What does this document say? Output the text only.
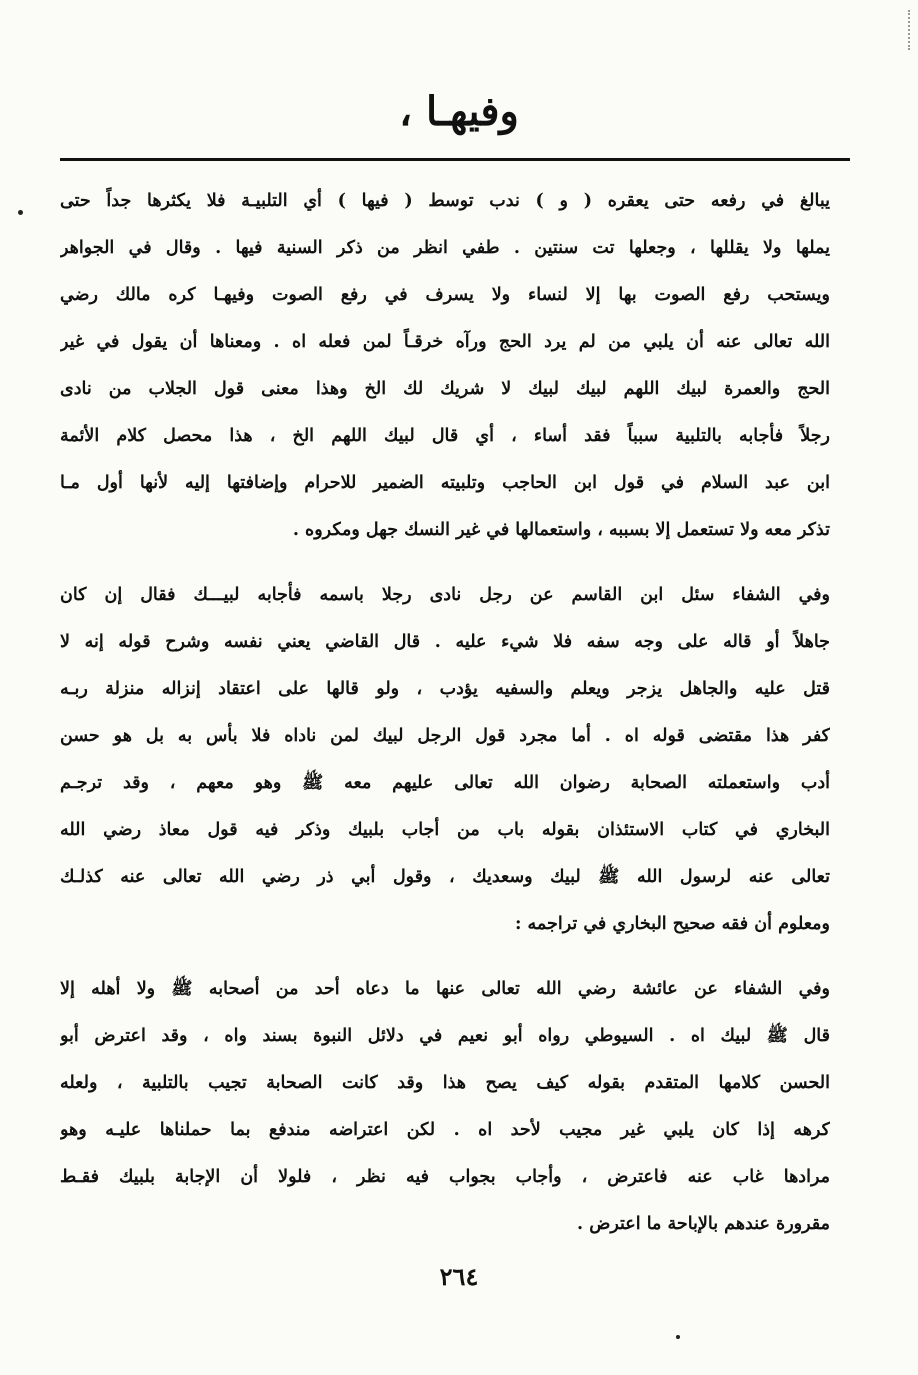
وفيهـا ،
يبالغ في رفعه حتى يعقره ( و ) ندب توسط ( فيها ) أي التلبيـة فلا يكثرها جداً حتى
يملها ولا يقللها ، وجعلها تت سنتين . طفي انظر من ذكر السنية فيها . وقال في الجواهر
ويستحب رفع الصوت بها إلا لنساء ولا يسرف في رفع الصوت وفيهـا كره مالك رضي
الله تعالى عنه أن يلبي من لم يرد الحج ورآه خرقـاً لمن فعله اه . ومعناها أن يقول في غير
الحج والعمرة لبيك اللهم لبيك لبيك لا شريك لك الخ وهذا معنى قول الجلاب من نادى
رجلاً فأجابه بالتلبية سبباً فقد أساء ، أي قال لبيك اللهم الخ ، هذا محصل كلام الأئمة
ابن عبد السلام في قول ابن الحاجب وتلبيته الضمير للاحرام وإضافتها إليه لأنها أول مـا
تذكر معه ولا تستعمل إلا بسببه ، واستعمالها في غير النسك جهل ومكروه .
وفي الشفاء سئل ابن القاسم عن رجل نادى رجلا باسمه فأجابه لبيـــك فقال إن كان
جاهلاً أو قاله على وجه سفه فلا شيء عليه . قال القاضي يعني نفسه وشرح قوله إنه لا
قتل عليه والجاهل يزجر ويعلم والسفيه يؤدب ، ولو قالها على اعتقاد إنزاله منزلة ربـه
كفر هذا مقتضى قوله اه . أما مجرد قول الرجل لبيك لمن ناداه فلا بأس به بل هو حسن
أدب واستعملته الصحابة رضوان الله تعالى عليهم معه ﷺ وهو معهم ، وقد ترجـم
البخاري في كتاب الاستئذان بقوله باب من أجاب بلبيك وذكر فيه قول معاذ رضي الله
تعالى عنه لرسول الله ﷺ لبيك وسعديك ، وقول أبي ذر رضي الله تعالى عنه كذلـك
ومعلوم أن فقه صحيح البخاري في تراجمه :
وفي الشفاء عن عائشة رضي الله تعالى عنها ما دعاه أحد من أصحابه ﷺ ولا أهله إلا
قال ﷺ لبيك اه . السيوطي رواه أبو نعيم في دلائل النبوة بسند واه ، وقد اعترض أبو
الحسن كلامها المتقدم بقوله كيف يصح هذا وقد كانت الصحابة تجيب بالتلبية ، ولعله
كرهه إذا كان يلبي غير مجيب لأحد اه . لكن اعتراضه مندفع بما حملناها عليـه وهو
مرادها غاب عنه فاعترض ، وأجاب بجواب فيه نظر ، فلولا أن الإجابة بلبيك فقـط
مقرورة عندهم بالإباحة ما اعترض .
٢٦٤
